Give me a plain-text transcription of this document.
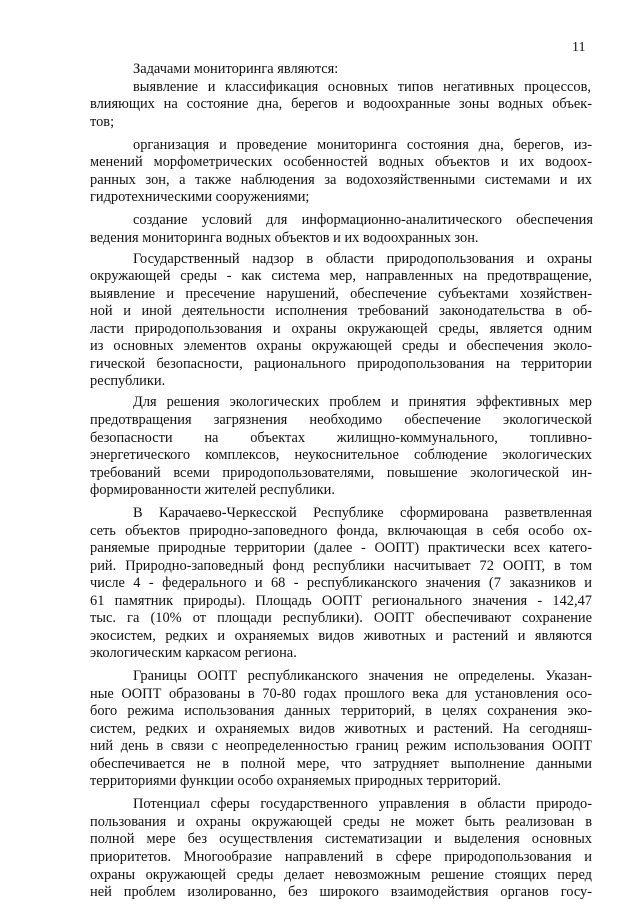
11
Задачами мониторинга являются:
выявление и классификация основных типов негативных процессов,
влияющих на состояние дна, берегов и водоохранные зоны водных объек-
тов;
организация и проведение мониторинга состояния дна, берегов, из-
менений морфометрических особенностей водных объектов и их водоох-
ранных зон, а также наблюдения за водохозяйственными системами и их
гидротехническими сооружениями;
создание условий для информационно-аналитического обеспечения
ведения мониторинга водных объектов и их водоохранных зон.
Государственный надзор в области природопользования и охраны
окружающей среды - как система мер, направленных на предотвращение,
выявление и пресечение нарушений, обеспечение субъектами хозяйствен-
ной и иной деятельности исполнения требований законодательства в об-
ласти природопользования и охраны окружающей среды, является одним
из основных элементов охраны окружающей среды и обеспечения эколо-
гической безопасности, рационального природопользования на территории
республики.
Для решения экологических проблем и принятия эффективных мер
предотвращения загрязнения необходимо обеспечение экологической
безопасности на объектах жилищно-коммунального, топливно-
энергетического комплексов, неукоснительное соблюдение экологических
требований всеми природопользователями, повышение экологической ин-
формированности жителей республики.
В Карачаево-Черкесской Республике сформирована разветвленная
сеть объектов природно-заповедного фонда, включающая в себя особо ох-
раняемые природные территории (далее - ООПТ) практически всех катего-
рий. Природно-заповедный фонд республики насчитывает 72 ООПТ, в том
числе 4 - федерального и 68 - республиканского значения (7 заказников и
61 памятник природы). Площадь ООПТ регионального значения - 142,47
тыс. га (10% от площади республики). ООПТ обеспечивают сохранение
экосистем, редких и охраняемых видов животных и растений и являются
экологическим каркасом региона.
Границы ООПТ республиканского значения не определены. Указан-
ные ООПТ образованы в 70-80 годах прошлого века для установления осо-
бого режима использования данных территорий, в целях сохранения эко-
систем, редких и охраняемых видов животных и растений. На сегодняш-
ний день в связи с неопределенностью границ режим использования ООПТ
обеспечивается не в полной мере, что затрудняет выполнение данными
территориями функции особо охраняемых природных территорий.
Потенциал сферы государственного управления в области природо-
пользования и охраны окружающей среды не может быть реализован в
полной мере без осуществления систематизации и выделения основных
приоритетов. Многообразие направлений в сфере природопользования и
охраны окружающей среды делает невозможным решение стоящих перед
ней проблем изолированно, без широкого взаимодействия органов госу-
